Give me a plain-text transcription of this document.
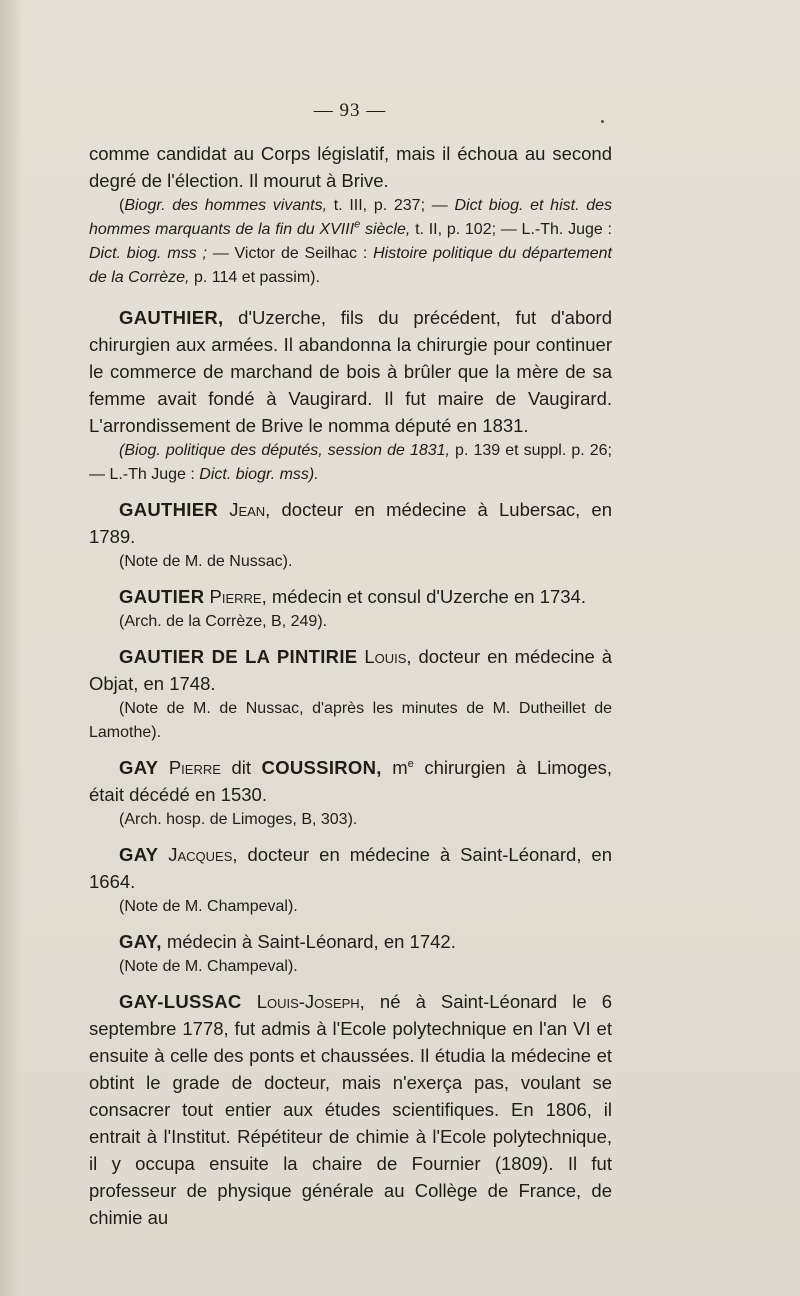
— 93 —

comme candidat au Corps législatif, mais il échoua au second degré de l'élection. Il mourut à Brive.

(Biogr. des hommes vivants, t. III, p. 237; — Dict biog. et hist. des hommes marquants de la fin du XVIIIe siècle, t. II, p. 102; — L.-Th. Juge : Dict. biog. mss ; — Victor de Seilhac : Histoire politique du département de la Corrèze, p. 114 et passim).

GAUTHIER, d'Uzerche, fils du précédent, fut d'abord chirurgien aux armées. Il abandonna la chirurgie pour continuer le commerce de marchand de bois à brûler que la mère de sa femme avait fondé à Vaugirard. Il fut maire de Vaugirard. L'arrondissement de Brive le nomma député en 1831.

(Biog. politique des députés, session de 1831, p. 139 et suppl. p. 26; — L.-Th Juge : Dict. biogr. mss).

GAUTHIER Jean, docteur en médecine à Lubersac, en 1789.

(Note de M. de Nussac).

GAUTIER Pierre, médecin et consul d'Uzerche en 1734.

(Arch. de la Corrèze, B, 249).

GAUTIER DE LA PINTIRIE Louis, docteur en médecine à Objat, en 1748.

(Note de M. de Nussac, d'après les minutes de M. Dutheillet de Lamothe).

GAY Pierre dit COUSSIRON, $m^e$ chirurgien à Limoges, était décédé en 1530.

(Arch. hosp. de Limoges, B, 303).

GAY Jacques, docteur en médecine à Saint-Léonard, en 1664.

(Note de M. Champeval).

GAY, médecin à Saint-Léonard, en 1742.

(Note de M. Champeval).

GAY-LUSSAC Louis-Joseph, né à Saint-Léonard le 6 septembre 1778, fut admis à l'Ecole polytechnique en l'an VI et ensuite à celle des ponts et chaussées. Il étudia la médecine et obtint le grade de docteur, mais n'exerça pas, voulant se consacrer tout entier aux études scientifiques. En 1806, il entrait à l'Institut. Répétiteur de chimie à l'Ecole polytechnique, il y occupa ensuite la chaire de Fournier (1809). Il fut professeur de physique générale au Collège de France, de chimie au
